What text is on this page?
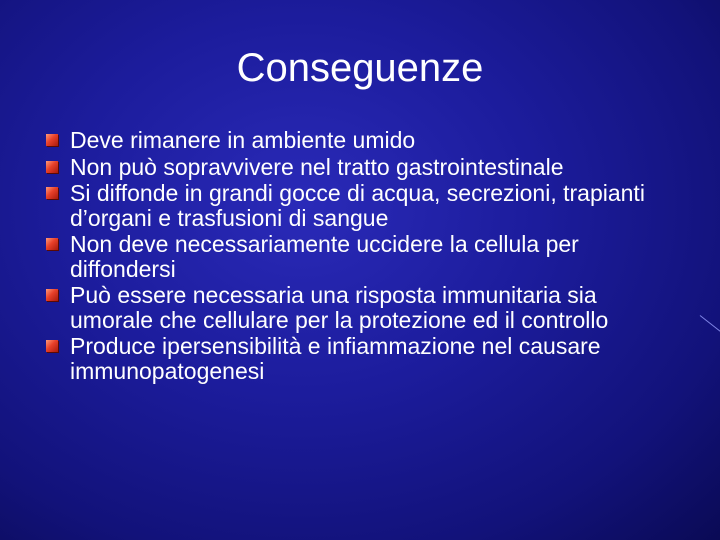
Conseguenze
Deve rimanere in ambiente umido
Non può sopravvivere nel tratto gastrointestinale
Si diffonde in grandi gocce di acqua, secrezioni, trapianti d’organi e trasfusioni di sangue
Non deve necessariamente uccidere la cellula per diffondersi
Può essere necessaria una risposta immunitaria sia umorale che cellulare per la protezione ed il controllo
Produce ipersensibilità e infiammazione nel causare immunopatogenesi
